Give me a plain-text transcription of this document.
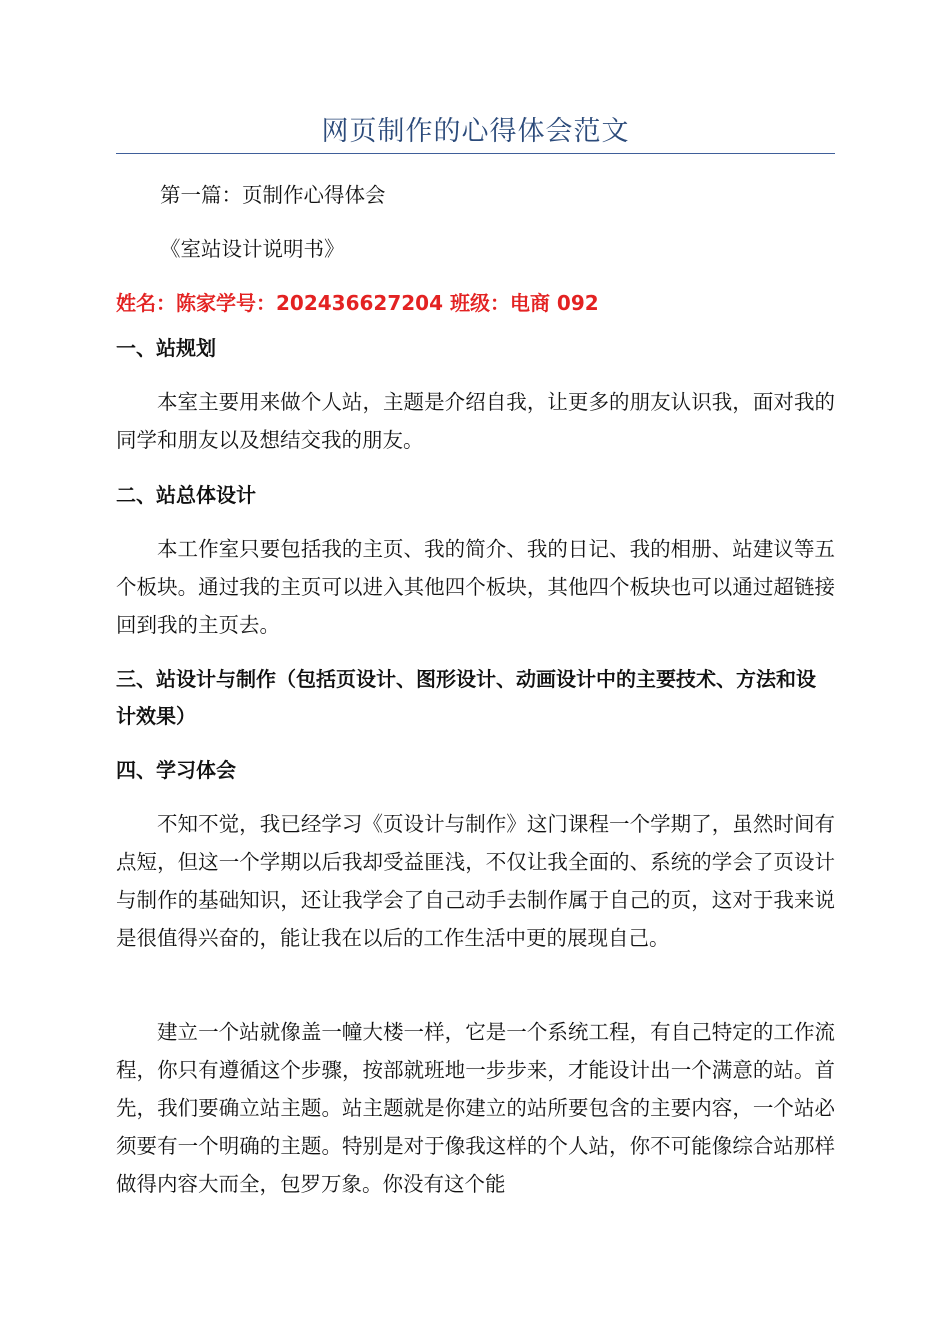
网页制作的心得体会范文

第一篇：页制作心得体会

《室站设计说明书》

姓名：陈家学号：202436627204 班级：电商 092

一、站规划

本室主要用来做个人站，主题是介绍自我，让更多的朋友认识我，面对我的同学和朋友以及想结交我的朋友。

二、站总体设计

本工作室只要包括我的主页、我的简介、我的日记、我的相册、站建议等五个板块。通过我的主页可以进入其他四个板块，其他四个板块也可以通过超链接回到我的主页去。

三、站设计与制作（包括页设计、图形设计、动画设计中的主要技术、方法和设计效果）

四、学习体会

不知不觉，我已经学习《页设计与制作》这门课程一个学期了，虽然时间有点短，但这一个学期以后我却受益匪浅，不仅让我全面的、系统的学会了页设计与制作的基础知识，还让我学会了自己动手去制作属于自己的页，这对于我来说是很值得兴奋的，能让我在以后的工作生活中更的展现自己。

建立一个站就像盖一幢大楼一样，它是一个系统工程，有自己特定的工作流程，你只有遵循这个步骤，按部就班地一步步来，才能设计出一个满意的站。首先，我们要确立站主题。站主题就是你建立的站所要包含的主要内容，一个站必须要有一个明确的主题。特别是对于像我这样的个人站，你不可能像综合站那样做得内容大而全，包罗万象。你没有这个能
